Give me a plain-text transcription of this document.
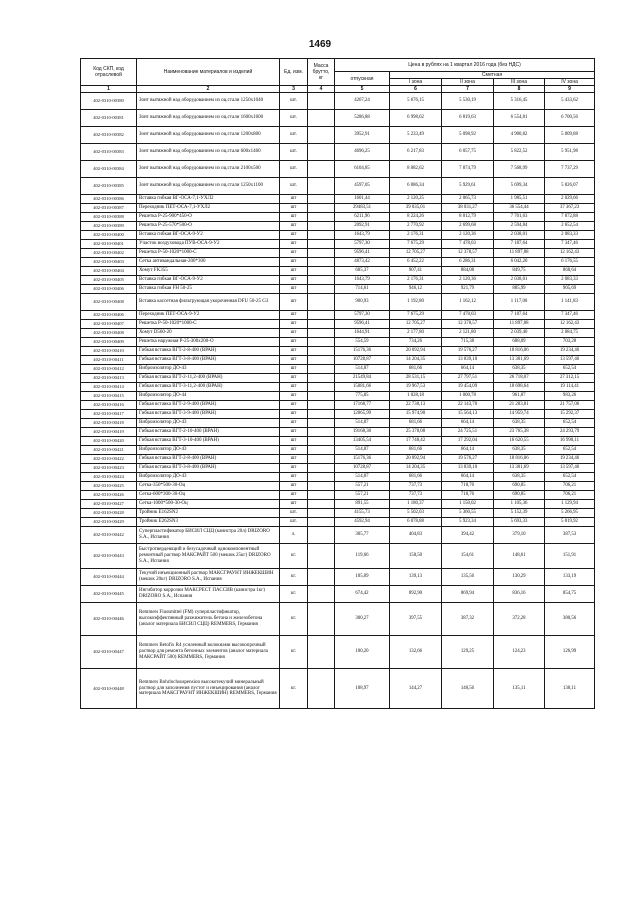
1469
Код СКП, код отраслевой	Наименование материалов и изделий	Ед. изм.	Масса брутто, кг	Цена в рублях на 1 квартал 2016 года (без НДС)				
				отпускная	Сметная			
					I зона	II зона	III зона	IV зона
1	2	3	4	5	6	7	8	9
402-0310-00380	Зонт вытяжной над оборудованием из оц.стали 1250х1040	шт.		4267,24	5 676,15	5 530,19	5 316,45	5 433,62
402-0310-00381	Зонт вытяжной над оборудованием из оц.стали 1600х1600	шт.		5286,88	6 998,62	6 819,63	6 554,81	6 700,56
402-0310-00382	Зонт вытяжной над оборудованием из оц.стали 1200х800	шт.		3952,91	5 233,49	5 098,92	4 900,82	5 009,88
402-0310-00383	Зонт вытяжной над оборудованием из оц.стали 600х1460	шт.		4696,25	6 217,83	6 057,75	5 822,52	5 951,98
402-0310-00384	Зонт вытяжной над оборудованием из оц.стали 2100х500	шт.		6104,85	8 082,62	7 874,79	7 568,99	7 737,29
402-0310-00385	Зонт вытяжной над оборудованием из оц.стали 1250х1100	шт.		4597,05	6 086,34	5 929,61	5 699,34	5 826,07
402-0310-00386	Вставка гибкая ВГ-ОСА-7,1-УХЛ2	шт		1601,44	2 120,25	2 065,73	1 985,51	2 029,66
402-0310-00387	Переходник ПЕТ-ОСА-7,1-УХЛ2	шт		29483,51	39 035,01	38 031,27	36 554,44	37 367,23
402-0310-00388	Решетка Р-25-900*450-О	шт		6211,96	8 224,26	8 012,79	7 701,63	7 872,88
402-0310-00389	Решетка Р-25-570*500-О	шт		2092,91	2 770,92	2 699,68	2 594,84	2 652,54
402-0310-00400	Вставка гибкая ВГ-ОСА-9-У2	шт		1643,79	2 176,31	2 120,36	2 038,01	2 083,33
402-0310-00401	Участок воздуховода ПУВ-ОСА-9-У2	шт		5797,30	7 675,29	7 478,03	7 187,64	7 347,46
402-0310-00402	Решетка Р-50-1020*1000-С	шт		9596,41	12 705,27	12 378,57	11 897,88	12 162,43
402-0310-00403	Сетка антивандальная-200*300	шт		4873,42	6 452,22	6 286,31	6 042,20	6 176,55
402-0310-00404	Хомут FK355	шт		685,37	907,41	884,08	849,75	868,64
402-0310-00405	Вставка гибкая ВГ-ОСА-9-У2	шт		1643,79	2 176,31	2 120,36	2 038,01	2 083,33
402-0310-00406	Вставка гибкая FH 50-25	шт		714,61	946,12	921,79	885,99	905,69
402-0310-00408	Вставка кассетная фильтрующая укороченная DFU 50-25 G3	шт		900,93	1 192,80	1 162,12	1 117,00	1 141,83
402-0310-00406	Переходник ПЕТ-ОСА-9-У2	шт		5797,30	7 675,29	7 478,03	7 187,64	7 347,46
402-0310-00407	Решетка Р-50-1020*1000-С	шт		9596,41	12 705,27	12 378,57	11 897,88	12 162,43
402-0310-00408	Хомут D560-20	шт		1644,91	2 177,80	2 121,80	2 039,40	2 084,75
402-0310-00409	Решетка наружная Р-25-300х200-О	шт		554,59	734,26	715,38	688,09	703,28
402-0310-00410	Гибкая вставка ВГТ-2-8-400 (ВРАН)	шт		15176,36	20 092,94	19 576,27	18 816,06	19 234,46
402-0310-00411	Гибкая вставка ВГТ-3-8-400 (ВРАН)	шт		10728,87	14 204,35	13 839,10	13 301,69	13 597,46
402-0310-00412	Виброизолятор ДО-43	шт		514,87	681,66	664,14	638,35	652,54
402-0310-00413	Гибкая вставка ВГТ-2-11,2-400 (ВРАН)	шт		21549,84	28 531,15	27 797,51	26 718,07	27 312,15
402-0310-00414	Гибкая вставка ВГТ-3-11,2-400 (ВРАН)	шт		15081,66	19 967,53	19 454,09	18 698,64	19 114,41
402-0310-00415	Виброизолятор ДО-44	шт		775,85	1 028,18	1 000,78	961,87	983,26
402-0310-00416	Гибкая вставка ВГТ-2-9-400 (ВРАН)	шт		17168,77	22 730,13	22 143,70	21 283,81	21 757,06
402-0310-00417	Гибкая вставка ВГТ-3-9-400 (ВРАН)	шт		12065,99	15 974,90	15 564,13	14 959,74	15 292,37
402-0310-00418	Виброизолятор ДО-43	шт		514,87	681,66	664,14	638,35	652,54
402-0310-00419	Гибкая вставка ВГТ-2-10-400 (ВРАН)	шт		19168,30	25 378,08	24 725,51	23 765,38	24 293,79
402-0310-00420	Гибкая вставка ВГТ-3-10-400 (ВРАН)	шт		13405,54	17 748,42	17 292,04	16 620,55	16 990,11
402-0310-00421	Виброизолятор ДО-43	шт		514,87	681,66	664,14	638,35	652,54
402-0310-00422	Гибкая вставка ВГТ-2-8-400 (ВРАН)	шт		15176,36	20 092,94	19 576,27	18 816,06	19 234,46
402-0310-00423	Гибкая вставка ВГТ-3-8-400 (ВРАН)	шт		10728,87	14 204,35	13 839,10	13 301,69	13 597,46
402-0310-00424	Виброизолятор ДО-43	шт		514,87	681,66	664,14	638,35	652,54
402-0310-00425	Сетка-350*500-30-Оц	шт		557,21	737,73	718,76	690,85	706,21
402-0310-00426	Сетка-600*300-30-Оц	шт		557,21	737,73	718,76	690,85	706,21
402-0310-00427	Сетка-1000*500-30-Оц	шт		891,55	1 180,37	1 150,02	1 105,36	1 129,94
402-0310-00428	Тройник Е162SN2	шт.		4155,73	5 502,03	5 360,55	5 152,39	5 266,95
402-0310-00429	Тройник Е262SN3	шт.		4592,94	6 078,88	5 923,34	5 693,33	5 819,92
402-0310-00442	Суперпластификатор БИСИЛ СЦЦ (канистра 20л) DRIZORO S.A., Испания	л.		305,77	404,83	394,42	379,10	387,53
402-0310-00443	Быстротвердеющий и безусадочный однокомпонентный ремонтный раствор МАКСРАЙТ 500 (мешок 25кг) DRIZORO S.A., Испания	кг.		119,66	158,50	154,61	148,61	151,91
402-0310-00444	Текучий инъекционный раствор МАКСГРАУНТ ИНЖЕКШИН (мешок 20кг) DRIZORO S.A., Испания	кг.		105,09	139,13	135,56	130,29	133,19
402-0310-00445	Ингибитор коррозии МАКСРЕСТ ПАССИВ (канистра 1кг) DRIZORO S.A., Испания	кг.		674,42	892,90	869,94	836,16	854,75
402-0310-00446	Remmers Flussmittel (FM) суперпластификатор, высокоэффективный разжижитель бетона и железобетона (аналог материала БИСИЛ СЦЦ) REMMERS, Германия	кг.		300,27	397,55	387,32	372,28	380,56
402-0310-00447	Remmers Betofix R4 усиленный волокнами высокопрочный раствор для ремонта бетонных элементов (аналог материала МАКСРАЙТ 500) REMMERS, Германия	кг.		100,20	132,66	129,25	124,23	126,99
402-0310-00448	Remmers Bohrlochsuspension высокотекучий минеральный раствор для заполнения пустот и инъецирования (аналог материала МАКСГРАУНТ ИНЖЕКШИН) REMMERS, Германия	кг.		108,97	144,27	140,56	135,11	138,11
